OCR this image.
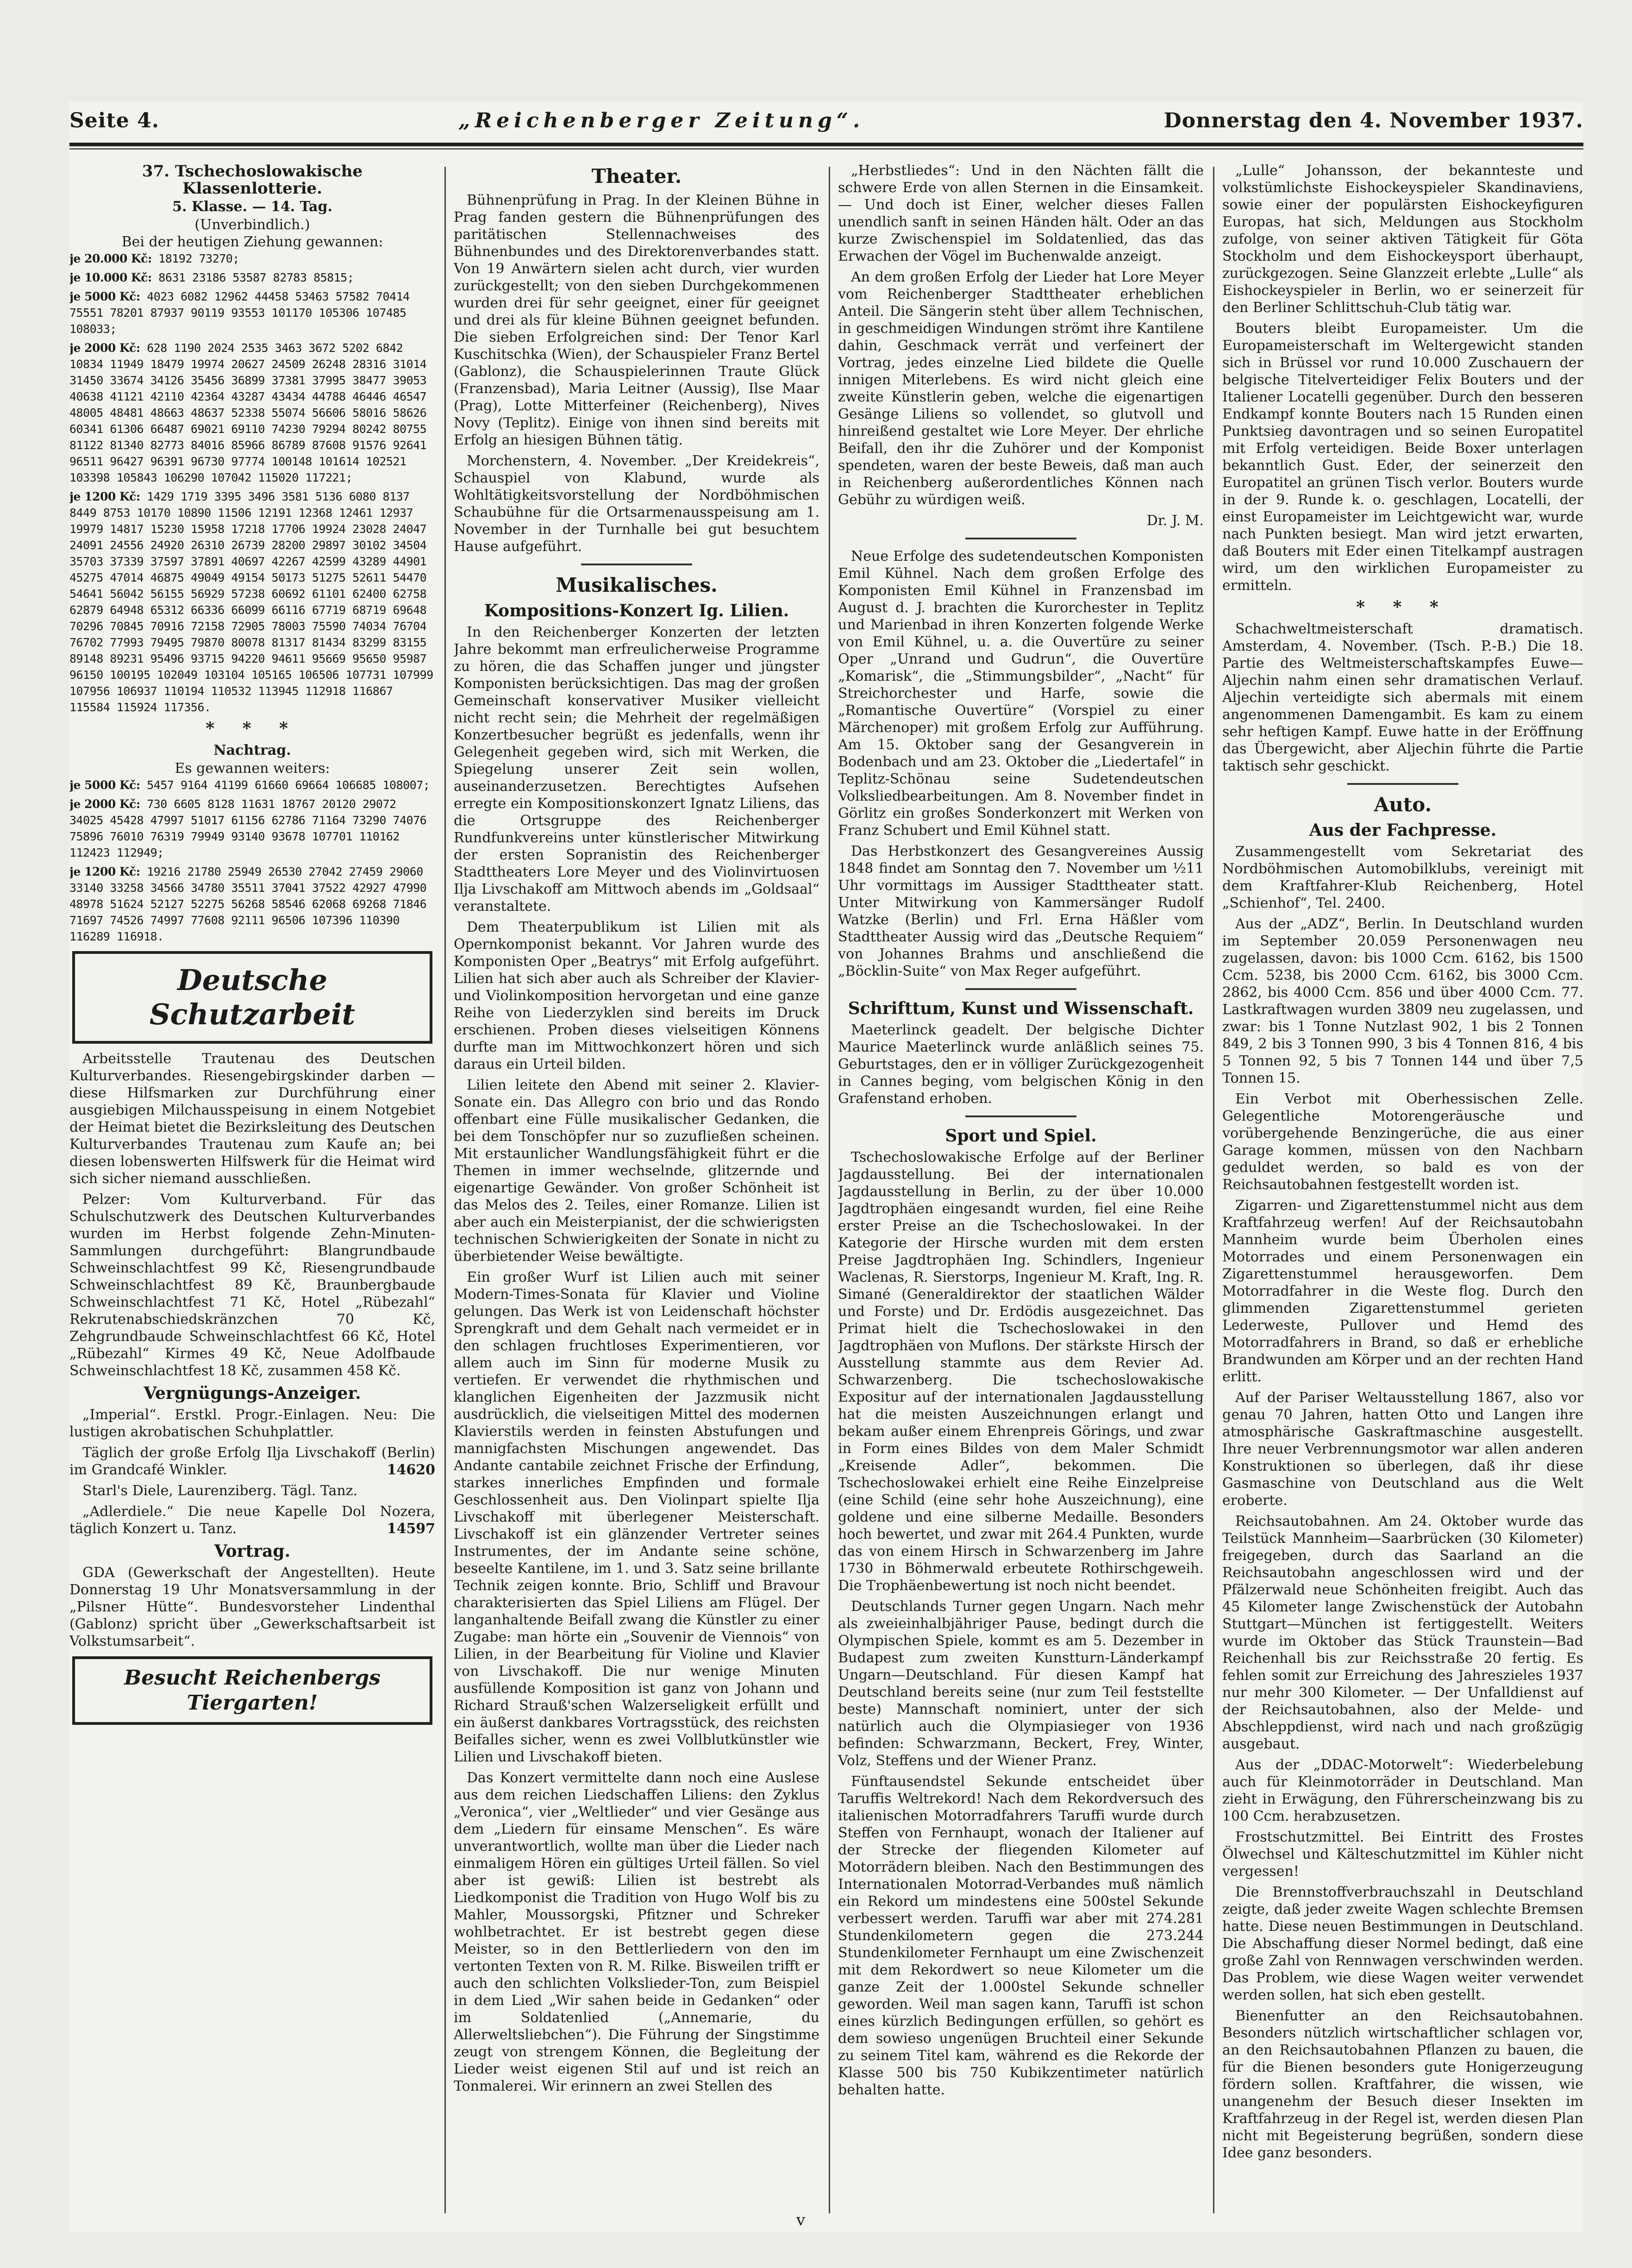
Seite 4.	„Reichenberger Zeitung“.	Donnerstag den 4. November 1937.
37. Tschechoslowakische Klassenlotterie.
5. Klasse. — 14. Tag.
(Unverbindlich.)
Bei der heutigen Ziehung gewannen:
je 20.000 Kč: 18192 73270;
je 10.000 Kč: 8631 23186 53587 82783 85815;
je 5000 Kč: 4023 6082 12962 44458 53463 57582 70414 75551 78201 87937 90119 93553 101170 105306 107485 108033;
je 2000 Kč: 628 1190 2024 2535 3463 3672 5202 6842 10834 11949 18479 19974 20627 24509 26248 28316 31014 31450 33674 34126 35456 36899 37381 37995 38477 39053 40638 41121 42110 42364 43287 43434 44788 46446 46547 48005 48481 48663 48637 52338 55074 56606 58016 58626 60341 61306 66487 69021 69110 74230 79294 80242 80755 81122 81340 82773 84016 85966 86789 87608 91576 92641 96511 96427 96391 96730 97774 100148 101614 102521 103398 105843 106290 107042 115020 117221;
je 1200 Kč: 1429 1719 3395 3496 3581 5136 6080 8137 8449 8753 10170 10890 11506 12191 12368 12461 12937 19979 14817 15230 15958 17218 17706 19924 23028 24047 24091 24556 24920 26310 26739 28200 29897 30102 34504 35703 37339 37597 37891 40697 42267 42599 43289 44901 45275 47014 46875 49049 49154 50173 51275 52611 54470 54641 56042 56155 56929 57238 60692 61101 62400 62758 62879 64948 65312 66336 66099 66116 67719 68719 69648 70296 70845 70916 72158 72905 78003 75590 74034 76704 76702 77993 79495 79870 80078 81317 81434 83299 83155 89148 89231 95496 93715 94220 94611 95669 95650 95987 96150 100195 102049 103104 105165 106506 107731 107999 107956 106937 110194 110532 113945 112918 116867 115584 115924 117356.
* * *
Nachtrag.
Es gewannen weiters:
je 5000 Kč: 5457 9164 41199 61660 69664 106685 108007;
je 2000 Kč: 730 6605 8128 11631 18767 20120 29072 34025 45428 47997 51017 61156 62786 71164 73290 74076 75896 76010 76319 79949 93140 93678 107701 110162 112423 112949;
je 1200 Kč: 19216 21780 25949 26530 27042 27459 29060 33140 33258 34566 34780 35511 37041 37522 42927 47990 48978 51624 52127 52275 56268 58546 62068 69268 71846 71697 74526 74997 77608 92111 96506 107396 110390 116289 116918.
Deutsche Schutzarbeit

Arbeitsstelle Trautenau des Deutschen Kulturverbandes. Riesengebirgskinder darben — diese Hilfsmarken zur Durchführung einer ausgiebigen Milchausspeisung in einem Notgebiet der Heimat bietet die Bezirksleitung des Deutschen Kulturverbandes Trautenau zum Kaufe an; bei diesen lobenswerten Hilfswerk für die Heimat wird sich sicher niemand ausschließen.

Pelzer: Vom Kulturverband. Für das Schulschutzwerk des Deutschen Kulturverbandes wurden im Herbst folgende Zehn-Minuten-Sammlungen durchgeführt: Blangrundbaude Schweinschlachtfest 99 Kč, Riesengrundbaude Schweinschlachtfest 89 Kč, Braunbergbaude Schweinschlachtfest 71 Kč, Hotel „Rübezahl“ Rekrutenabschiedskränzchen 70 Kč, Zehgrundbaude Schweinschlachtfest 66 Kč, Hotel „Rübezahl“ Kirmes 49 Kč, Neue Adolfbaude Schweinschlachtfest 18 Kč, zusammen 458 Kč.

Vergnügungs-Anzeiger.

„Imperial“. Erstkl. Progr.-Einlagen. Neu: Die lustigen akrobatischen Schuhplattler.

Täglich der große Erfolg Ilja Livschakoff (Berlin) im Grandcafé Winkler.	14620

Starl's Diele, Laurenziberg. Tägl. Tanz.

„Adlerdiele.“ Die neue Kapelle Dol Nozera, täglich Konzert u. Tanz.	14597

Vortrag.

GDA (Gewerkschaft der Angestellten). Heute Donnerstag 19 Uhr Monatsversammlung in der „Pilsner Hütte“. Bundesvorsteher Lindenthal (Gablonz) spricht über „Gewerkschaftsarbeit ist Volkstumsarbeit“.

Besucht Reichenbergs Tiergarten!
Theater.

Bühnenprüfung in Prag. In der Kleinen Bühne in Prag fanden gestern die Bühnenprüfungen des paritätischen Stellennachweises des Bühnenbundes und des Direktorenverbandes statt. Von 19 Anwärtern sielen acht durch, vier wurden zurückgestellt; von den sieben Durchgekommenen wurden drei für sehr geeignet, einer für geeignet und drei als für kleine Bühnen geeignet befunden. Die sieben Erfolgreichen sind: Der Tenor Karl Kuschitschka (Wien), der Schauspieler Franz Bertel (Gablonz), die Schauspielerinnen Traute Glück (Franzensbad), Maria Leitner (Aussig), Ilse Maar (Prag), Lotte Mitterfeiner (Reichenberg), Nives Novy (Teplitz). Einige von ihnen sind bereits mit Erfolg an hiesigen Bühnen tätig.

Morchenstern, 4. November. „Der Kreidekreis“, Schauspiel von Klabund, wurde als Wohltätigkeitsvorstellung der Nordböhmischen Schaubühne für die Ortsarmenausspeisung am 1. November in der Turnhalle bei gut besuchtem Hause aufgeführt.

Musikalisches.
Kompositions-Konzert Ig. Lilien.

In den Reichenberger Konzerten der letzten Jahre bekommt man erfreulicherweise Programme zu hören, die das Schaffen junger und jüngster Komponisten berücksichtigen. Das mag der großen Gemeinschaft konservativer Musiker vielleicht nicht recht sein; die Mehrheit der regelmäßigen Konzertbesucher begrüßt es jedenfalls, wenn ihr Gelegenheit gegeben wird, sich mit Werken, die Spiegelung unserer Zeit sein wollen, auseinanderzusetzen. Berechtigtes Aufsehen erregte ein Kompositionskonzert Ignatz Liliens, das die Ortsgruppe des Reichenberger Rundfunkvereins unter künstlerischer Mitwirkung der ersten Sopranistin des Reichenberger Stadttheaters Lore Meyer und des Violinvirtuosen Ilja Livschakoff am Mittwoch abends im „Goldsaal“ veranstaltete.

Dem Theaterpublikum ist Lilien mit als Opernkomponist bekannt. Vor Jahren wurde des Komponisten Oper „Beatrys“ mit Erfolg aufgeführt. Lilien hat sich aber auch als Schreiber der Klavier- und Violinkomposition hervorgetan und eine ganze Reihe von Liederzyklen sind bereits im Druck erschienen. Proben dieses vielseitigen Könnens durfte man im Mittwochkonzert hören und sich daraus ein Urteil bilden.

Lilien leitete den Abend mit seiner 2. Klavier-Sonate ein. Das Allegro con brio und das Rondo offenbart eine Fülle musikalischer Gedanken, die bei dem Tonschöpfer nur so zuzufließen scheinen. Mit erstaunlicher Wandlungsfähigkeit führt er die Themen in immer wechselnde, glitzernde und eigenartige Gewänder. Von großer Schönheit ist das Melos des 2. Teiles, einer Romanze. Lilien ist aber auch ein Meisterpianist, der die schwierigsten technischen Schwierigkeiten der Sonate in nicht zu überbietender Weise bewältigte.

Ein großer Wurf ist Lilien auch mit seiner Modern-Times-Sonata für Klavier und Violine gelungen. Das Werk ist von Leidenschaft höchster Sprengkraft und dem Gehalt nach vermeidet er in den schlagen fruchtloses Experimentieren, vor allem auch im Sinn für moderne Musik zu vertiefen. Er verwendet die rhythmischen und klanglichen Eigenheiten der Jazzmusik nicht ausdrücklich, die vielseitigen Mittel des modernen Klavierstils werden in feinsten Abstufungen und mannigfachsten Mischungen angewendet. Das Andante cantabile zeichnet Frische der Erfindung, starkes innerliches Empfinden und formale Geschlossenheit aus. Den Violinpart spielte Ilja Livschakoff mit überlegener Meisterschaft. Livschakoff ist ein glänzender Vertreter seines Instrumentes, der im Andante seine schöne, beseelte Kantilene, im 1. und 3. Satz seine brillante Technik zeigen konnte. Brio, Schliff und Bravour charakterisierten das Spiel Liliens am Flügel. Der langanhaltende Beifall zwang die Künstler zu einer Zugabe: man hörte ein „Souvenir de Viennois“ von Lilien, in der Bearbeitung für Violine und Klavier von Livschakoff. Die nur wenige Minuten ausfüllende Komposition ist ganz von Johann und Richard Strauß'schen Walzerseligkeit erfüllt und ein äußerst dankbares Vortragsstück, des reichsten Beifalles sicher, wenn es zwei Vollblutkünstler wie Lilien und Livschakoff bieten.

Das Konzert vermittelte dann noch eine Auslese aus dem reichen Liedschaffen Liliens: den Zyklus „Veronica“, vier „Weltlieder“ und vier Gesänge aus dem „Liedern für einsame Menschen“. Es wäre unverantwortlich, wollte man über die Lieder nach einmaligem Hören ein gültiges Urteil fällen. So viel aber ist gewiß: Lilien ist bestrebt als Liedkomponist die Tradition von Hugo Wolf bis zu Mahler, Moussorgski, Pfitzner und Schreker wohlbetrachtet. Er ist bestrebt gegen diese Meister, so in den Bettlerliedern von den im vertonten Texten von R. M. Rilke. Bisweilen trifft er auch den schlichten Volkslieder-Ton, zum Beispiel in dem Lied „Wir sahen beide in Gedanken“ oder im Soldatenlied („Annemarie, du Allerweltsliebchen“). Die Führung der Singstimme zeugt von strengem Können, die Begleitung der Lieder weist eigenen Stil auf und ist reich an Tonmalerei. Wir erinnern an zwei Stellen des

„Herbstliedes“: Und in den Nächten fällt die schwere Erde von allen Sternen in die Einsamkeit. — Und doch ist Einer, welcher dieses Fallen unendlich sanft in seinen Händen hält. Oder an das kurze Zwischenspiel im Soldatenlied, das das Erwachen der Vögel im Buchenwalde anzeigt.

An dem großen Erfolg der Lieder hat Lore Meyer vom Reichenberger Stadttheater erheblichen Anteil. Die Sängerin steht über allem Technischen, in geschmeidigen Windungen strömt ihre Kantilene dahin, Geschmack verrät und verfeinert der Vortrag, jedes einzelne Lied bildete die Quelle innigen Miterlebens. Es wird nicht gleich eine zweite Künstlerin geben, welche die eigenartigen Gesänge Liliens so vollendet, so glutvoll und hinreißend gestaltet wie Lore Meyer. Der ehrliche Beifall, den ihr die Zuhörer und der Komponist spendeten, waren der beste Beweis, daß man auch in Reichenberg außerordentliches Können nach Gebühr zu würdigen weiß.

Dr. J. M.

Neue Erfolge des sudetendeutschen Komponisten Emil Kühnel. Nach dem großen Erfolge des Komponisten Emil Kühnel in Franzensbad im August d. J. brachten die Kurorchester in Teplitz und Marienbad in ihren Konzerten folgende Werke von Emil Kühnel, u. a. die Ouvertüre zu seiner Oper „Unrand und Gudrun“, die Ouvertüre „Komarisk“, die „Stimmungsbilder“, „Nacht“ für Streichorchester und Harfe, sowie die „Romantische Ouvertüre“ (Vorspiel zu einer Märchenoper) mit großem Erfolg zur Aufführung. Am 15. Oktober sang der Gesangverein in Bodenbach und am 23. Oktober die „Liedertafel“ in Teplitz-Schönau seine Sudetendeutschen Volksliedbearbeitungen. Am 8. November findet in Görlitz ein großes Sonderkonzert mit Werken von Franz Schubert und Emil Kühnel statt.

Das Herbstkonzert des Gesangvereines Aussig 1848 findet am Sonntag den 7. November um ½11 Uhr vormittags im Aussiger Stadttheater statt. Unter Mitwirkung von Kammersänger Rudolf Watzke (Berlin) und Frl. Erna Häßler vom Stadttheater Aussig wird das „Deutsche Requiem“ von Johannes Brahms und anschließend die „Böcklin-Suite“ von Max Reger aufgeführt.

Schrifttum, Kunst und Wissenschaft.

Maeterlinck geadelt. Der belgische Dichter Maurice Maeterlinck wurde anläßlich seines 75. Geburtstages, den er in völliger Zurückgezogenheit in Cannes beging, vom belgischen König in den Grafenstand erhoben.

Sport und Spiel.

Tschechoslowakische Erfolge auf der Berliner Jagdausstellung. Bei der internationalen Jagdausstellung in Berlin, zu der über 10.000 Jagdtrophäen eingesandt wurden, fiel eine Reihe erster Preise an die Tschechoslowakei. In der Kategorie der Hirsche wurden mit dem ersten Preise Jagdtrophäen Ing. Schindlers, Ingenieur Waclenas, R. Sierstorps, Ingenieur M. Kraft, Ing. R. Simané (Generaldirektor der staatlichen Wälder und Forste) und Dr. Erdödis ausgezeichnet. Das Primat hielt die Tschechoslowakei in den Jagdtrophäen von Muflons. Der stärkste Hirsch der Ausstellung stammte aus dem Revier Ad. Schwarzenberg. Die tschechoslowakische Expositur auf der internationalen Jagdausstellung hat die meisten Auszeichnungen erlangt und bekam außer einem Ehrenpreis Görings, und zwar in Form eines Bildes von dem Maler Schmidt „Kreisende Adler“, bekommen. Die Tschechoslowakei erhielt eine Reihe Einzelpreise (eine Schild (eine sehr hohe Auszeichnung), eine goldene und eine silberne Medaille. Besonders hoch bewertet, und zwar mit 264.4 Punkten, wurde das von einem Hirsch in Schwarzenberg im Jahre 1730 in Böhmerwald erbeutete Rothirschgeweih. Die Trophäenbewertung ist noch nicht beendet.

Deutschlands Turner gegen Ungarn. Nach mehr als zweieinhalbjähriger Pause, bedingt durch die Olympischen Spiele, kommt es am 5. Dezember in Budapest zum zweiten Kunstturn-Länderkampf Ungarn—Deutschland. Für diesen Kampf hat Deutschland bereits seine (nur zum Teil feststellte beste) Mannschaft nominiert, unter der sich natürlich auch die Olympiasieger von 1936 befinden: Schwarzmann, Beckert, Frey, Winter, Volz, Steffens und der Wiener Pranz.

Fünftausendstel Sekunde entscheidet über Taruffis Weltrekord! Nach dem Rekordversuch des italienischen Motorradfahrers Taruffi wurde durch Steffen von Fernhaupt, wonach der Italiener auf der Strecke der fliegenden Kilometer auf Motorrädern bleiben. Nach den Bestimmungen des Internationalen Motorrad-Verbandes muß nämlich ein Rekord um mindestens eine 500stel Sekunde verbessert werden. Taruffi war aber mit 274.281 Stundenkilometern gegen die 273.244 Stundenkilometer Fernhaupt um eine Zwischenzeit mit dem Rekordwert so neue Kilometer um die ganze Zeit der 1.000stel Sekunde schneller geworden. Weil man sagen kann, Taruffi ist schon eines kürzlich Bedingungen erfüllen, so gehört es dem sowieso ungenügen Bruchteil einer Sekunde zu seinem Titel kam, während es die Rekorde der Klasse 500 bis 750 Kubikzentimeter natürlich behalten hatte.

„Lulle“ Johansson, der bekannteste und volkstümlichste Eishockeyspieler Skandinaviens, sowie einer der populärsten Eishockeyfiguren Europas, hat sich, Meldungen aus Stockholm zufolge, von seiner aktiven Tätigkeit für Göta Stockholm und dem Eishockeysport überhaupt, zurückgezogen. Seine Glanzzeit erlebte „Lulle“ als Eishockeyspieler in Berlin, wo er seinerzeit für den Berliner Schlittschuh-Club tätig war.

Bouters bleibt Europameister. Um die Europameisterschaft im Weltergewicht standen sich in Brüssel vor rund 10.000 Zuschauern der belgische Titelverteidiger Felix Bouters und der Italiener Locatelli gegenüber. Durch den besseren Endkampf konnte Bouters nach 15 Runden einen Punktsieg davontragen und so seinen Europatitel mit Erfolg verteidigen. Beide Boxer unterlagen bekanntlich Gust. Eder, der seinerzeit den Europatitel an grünen Tisch verlor. Bouters wurde in der 9. Runde k. o. geschlagen, Locatelli, der einst Europameister im Leichtgewicht war, wurde nach Punkten besiegt. Man wird jetzt erwarten, daß Bouters mit Eder einen Titelkampf austragen wird, um den wirklichen Europameister zu ermitteln.

* * *

Schachweltmeisterschaft dramatisch. Amsterdam, 4. November. (Tsch. P.-B.) Die 18. Partie des Weltmeisterschaftskampfes Euwe—Aljechin nahm einen sehr dramatischen Verlauf. Aljechin verteidigte sich abermals mit einem angenommenen Damengambit. Es kam zu einem sehr heftigen Kampf. Euwe hatte in der Eröffnung das Übergewicht, aber Aljechin führte die Partie taktisch sehr geschickt.

Auto.
Aus der Fachpresse.

Zusammengestellt vom Sekretariat des Nordböhmischen Automobilklubs, vereinigt mit dem Kraftfahrer-Klub Reichenberg, Hotel „Schienhof“, Tel. 2400.

Aus der „ADZ“, Berlin. In Deutschland wurden im September 20.059 Personenwagen neu zugelassen, davon: bis 1000 Ccm. 6162, bis 1500 Ccm. 5238, bis 2000 Ccm. 6162, bis 3000 Ccm. 2862, bis 4000 Ccm. 856 und über 4000 Ccm. 77. Lastkraftwagen wurden 3809 neu zugelassen, und zwar: bis 1 Tonne Nutzlast 902, 1 bis 2 Tonnen 849, 2 bis 3 Tonnen 990, 3 bis 4 Tonnen 816, 4 bis 5 Tonnen 92, 5 bis 7 Tonnen 144 und über 7,5 Tonnen 15.

Ein Verbot mit Oberhessischen Zelle. Gelegentliche Motorengeräusche und vorübergehende Benzingerüche, die aus einer Garage kommen, müssen von den Nachbarn geduldet werden, so bald es von der Reichsautobahnen festgestellt worden ist.

Zigarren- und Zigarettenstummel nicht aus dem Kraftfahrzeug werfen! Auf der Reichsautobahn Mannheim wurde beim Überholen eines Motorrades und einem Personenwagen ein Zigarettenstummel herausgeworfen. Dem Motorradfahrer in die Weste flog. Durch den glimmenden Zigarettenstummel gerieten Lederweste, Pullover und Hemd des Motorradfahrers in Brand, so daß er erhebliche Brandwunden am Körper und an der rechten Hand erlitt.

Auf der Pariser Weltausstellung 1867, also vor genau 70 Jahren, hatten Otto und Langen ihre atmosphärische Gaskraftmaschine ausgestellt. Ihre neuer Verbrennungsmotor war allen anderen Konstruktionen so überlegen, daß ihr diese Gasmaschine von Deutschland aus die Welt eroberte.

Reichsautobahnen. Am 24. Oktober wurde das Teilstück Mannheim—Saarbrücken (30 Kilometer) freigegeben, durch das Saarland an die Reichsautobahn angeschlossen wird und der Pfälzerwald neue Schönheiten freigibt. Auch das 45 Kilometer lange Zwischenstück der Autobahn Stuttgart—München ist fertiggestellt. Weiters wurde im Oktober das Stück Traunstein—Bad Reichenhall bis zur Reichsstraße 20 fertig. Es fehlen somit zur Erreichung des Jahreszieles 1937 nur mehr 300 Kilometer. — Der Unfalldienst auf der Reichsautobahnen, also der Melde- und Abschleppdienst, wird nach und nach großzügig ausgebaut.

Aus der „DDAC-Motorwelt“: Wiederbelebung auch für Kleinmotorräder in Deutschland. Man zieht in Erwägung, den Führerscheinzwang bis zu 100 Ccm. herabzusetzen.

Frostschutzmittel. Bei Eintritt des Frostes Ölwechsel und Kälteschutzmittel im Kühler nicht vergessen!

Die Brennstoffverbrauchszahl in Deutschland zeigte, daß jeder zweite Wagen schlechte Bremsen hatte. Diese neuen Bestimmungen in Deutschland. Die Abschaffung dieser Normel bedingt, daß eine große Zahl von Rennwagen verschwinden werden. Das Problem, wie diese Wagen weiter verwendet werden sollen, hat sich eben gestellt.

Bienenfutter an den Reichsautobahnen. Besonders nützlich wirtschaftlicher schlagen vor, an den Reichsautobahnen Pflanzen zu bauen, die für die Bienen besonders gute Honigerzeugung fördern sollen. Kraftfahrer, die wissen, wie unangenehm der Besuch dieser Insekten im Kraftfahrzeug in der Regel ist, werden diesen Plan nicht mit Begeisterung begrüßen, sondern diese Idee ganz besonders.

v
